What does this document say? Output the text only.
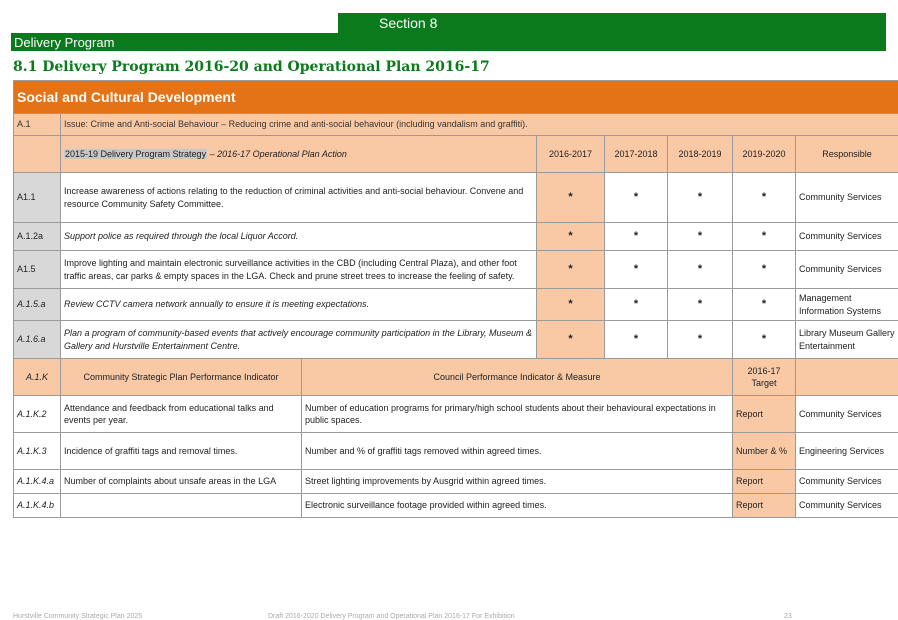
Section 8
Delivery Program
8.1 Delivery Program 2016-20 and Operational Plan 2016-17
Social and Cultural Development							
A.1	Issue: Crime and Anti-social Behaviour – Reducing crime and anti-social behaviour (including vandalism and graffiti).						
	2015-19 Delivery Program Strategy – 2016-17 Operational Plan Action		2016-2017	2017-2018	2018-2019	2019-2020	Responsible
A1.1	Increase awareness of actions relating to the reduction of criminal activities and anti-social behaviour. Convene and resource Community Safety Committee.		*	*	*	*	Community Services
A.1.2a	Support police as required through the local Liquor Accord.		*	*	*	*	Community Services
A1.5	Improve lighting and maintain electronic surveillance activities in the CBD (including Central Plaza), and other foot traffic areas, car parks & empty spaces in the LGA. Check and prune street trees to increase the feeling of safety.		*	*	*	*	Community Services
A.1.5.a	Review CCTV camera network annually to ensure it is meeting expectations.		*	*	*	*	Management Information Systems
A.1.6.a	Plan a program of community-based events that actively encourage community participation in the Library, Museum & Gallery and Hurstville Entertainment Centre.		*	*	*	*	Library Museum Gallery Entertainment
A.1.K	Community Strategic Plan Performance Indicator	Council Performance Indicator & Measure				2016-17 Target	
A.1.K.2	Attendance and feedback from educational talks and events per year.	Number of education programs for primary/high school students about their behavioural expectations in public spaces.				Report	Community Services
A.1.K.3	Incidence of graffiti tags and removal times.	Number and % of graffiti tags removed within agreed times.				Number & %	Engineering Services
A.1.K.4.a	Number of complaints about unsafe areas in the LGA	Street lighting improvements by Ausgrid within agreed times.				Report	Community Services
A.1.K.4.b		Electronic surveillance footage provided within agreed times.				Report	Community Services
Hurstville Community Strategic Plan 2025	Draft 2016-2020 Delivery Program and Operational Plan 2016-17 For Exhibition	23
